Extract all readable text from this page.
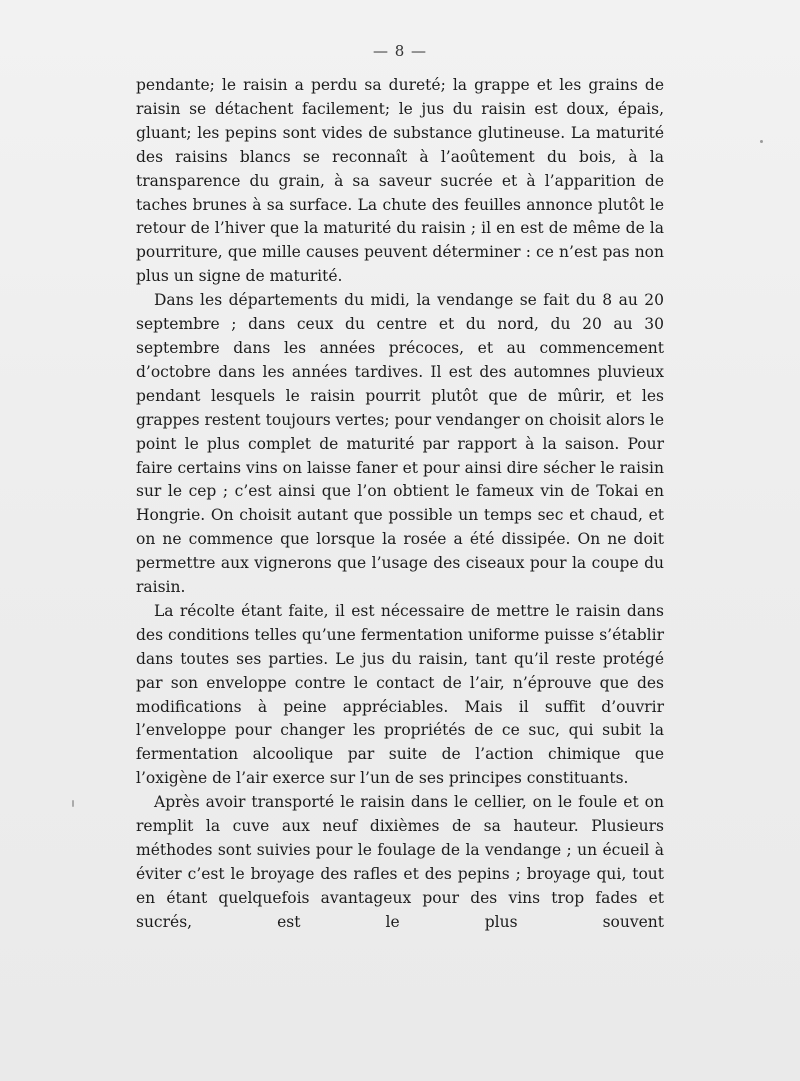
— 8 —

pendante; le raisin a perdu sa dureté; la grappe et les grains de raisin se détachent facilement; le jus du raisin est doux, épais, gluant; les pepins sont vides de substance glutineuse. La maturité des raisins blancs se reconnaît à l’aoûtement du bois, à la transparence du grain, à sa saveur sucrée et à l’apparition de taches brunes à sa surface. La chute des feuilles annonce plutôt le retour de l’hiver que la maturité du raisin ; il en est de même de la pourriture, que mille causes peuvent déterminer : ce n’est pas non plus un signe de maturité.

Dans les départements du midi, la vendange se fait du 8 au 20 septembre ; dans ceux du centre et du nord, du 20 au 30 septembre dans les années précoces, et au commencement d’octobre dans les années tardives. Il est des automnes pluvieux pendant lesquels le raisin pourrit plutôt que de mûrir, et les grappes restent toujours vertes; pour vendanger on choisit alors le point le plus complet de maturité par rapport à la saison. Pour faire certains vins on laisse faner et pour ainsi dire sécher le raisin sur le cep ; c’est ainsi que l’on obtient le fameux vin de Tokai en Hongrie. On choisit autant que possible un temps sec et chaud, et on ne commence que lorsque la rosée a été dissipée. On ne doit permettre aux vignerons que l’usage des ciseaux pour la coupe du raisin.

La récolte étant faite, il est nécessaire de mettre le raisin dans des conditions telles qu’une fermentation uniforme puisse s’établir dans toutes ses parties. Le jus du raisin, tant qu’il reste protégé par son enveloppe contre le contact de l’air, n’éprouve que des modifications à peine appréciables. Mais il suffit d’ouvrir l’enveloppe pour changer les propriétés de ce suc, qui subit la fermentation alcoolique par suite de l’action chimique que l’oxigène de l’air exerce sur l’un de ses principes constituants.

Après avoir transporté le raisin dans le cellier, on le foule et on remplit la cuve aux neuf dixièmes de sa hauteur. Plusieurs méthodes sont suivies pour le foulage de la vendange ; un écueil à éviter c’est le broyage des rafles et des pepins ; broyage qui, tout en étant quelquefois avantageux pour des vins trop fades et sucrés, est le plus souvent
